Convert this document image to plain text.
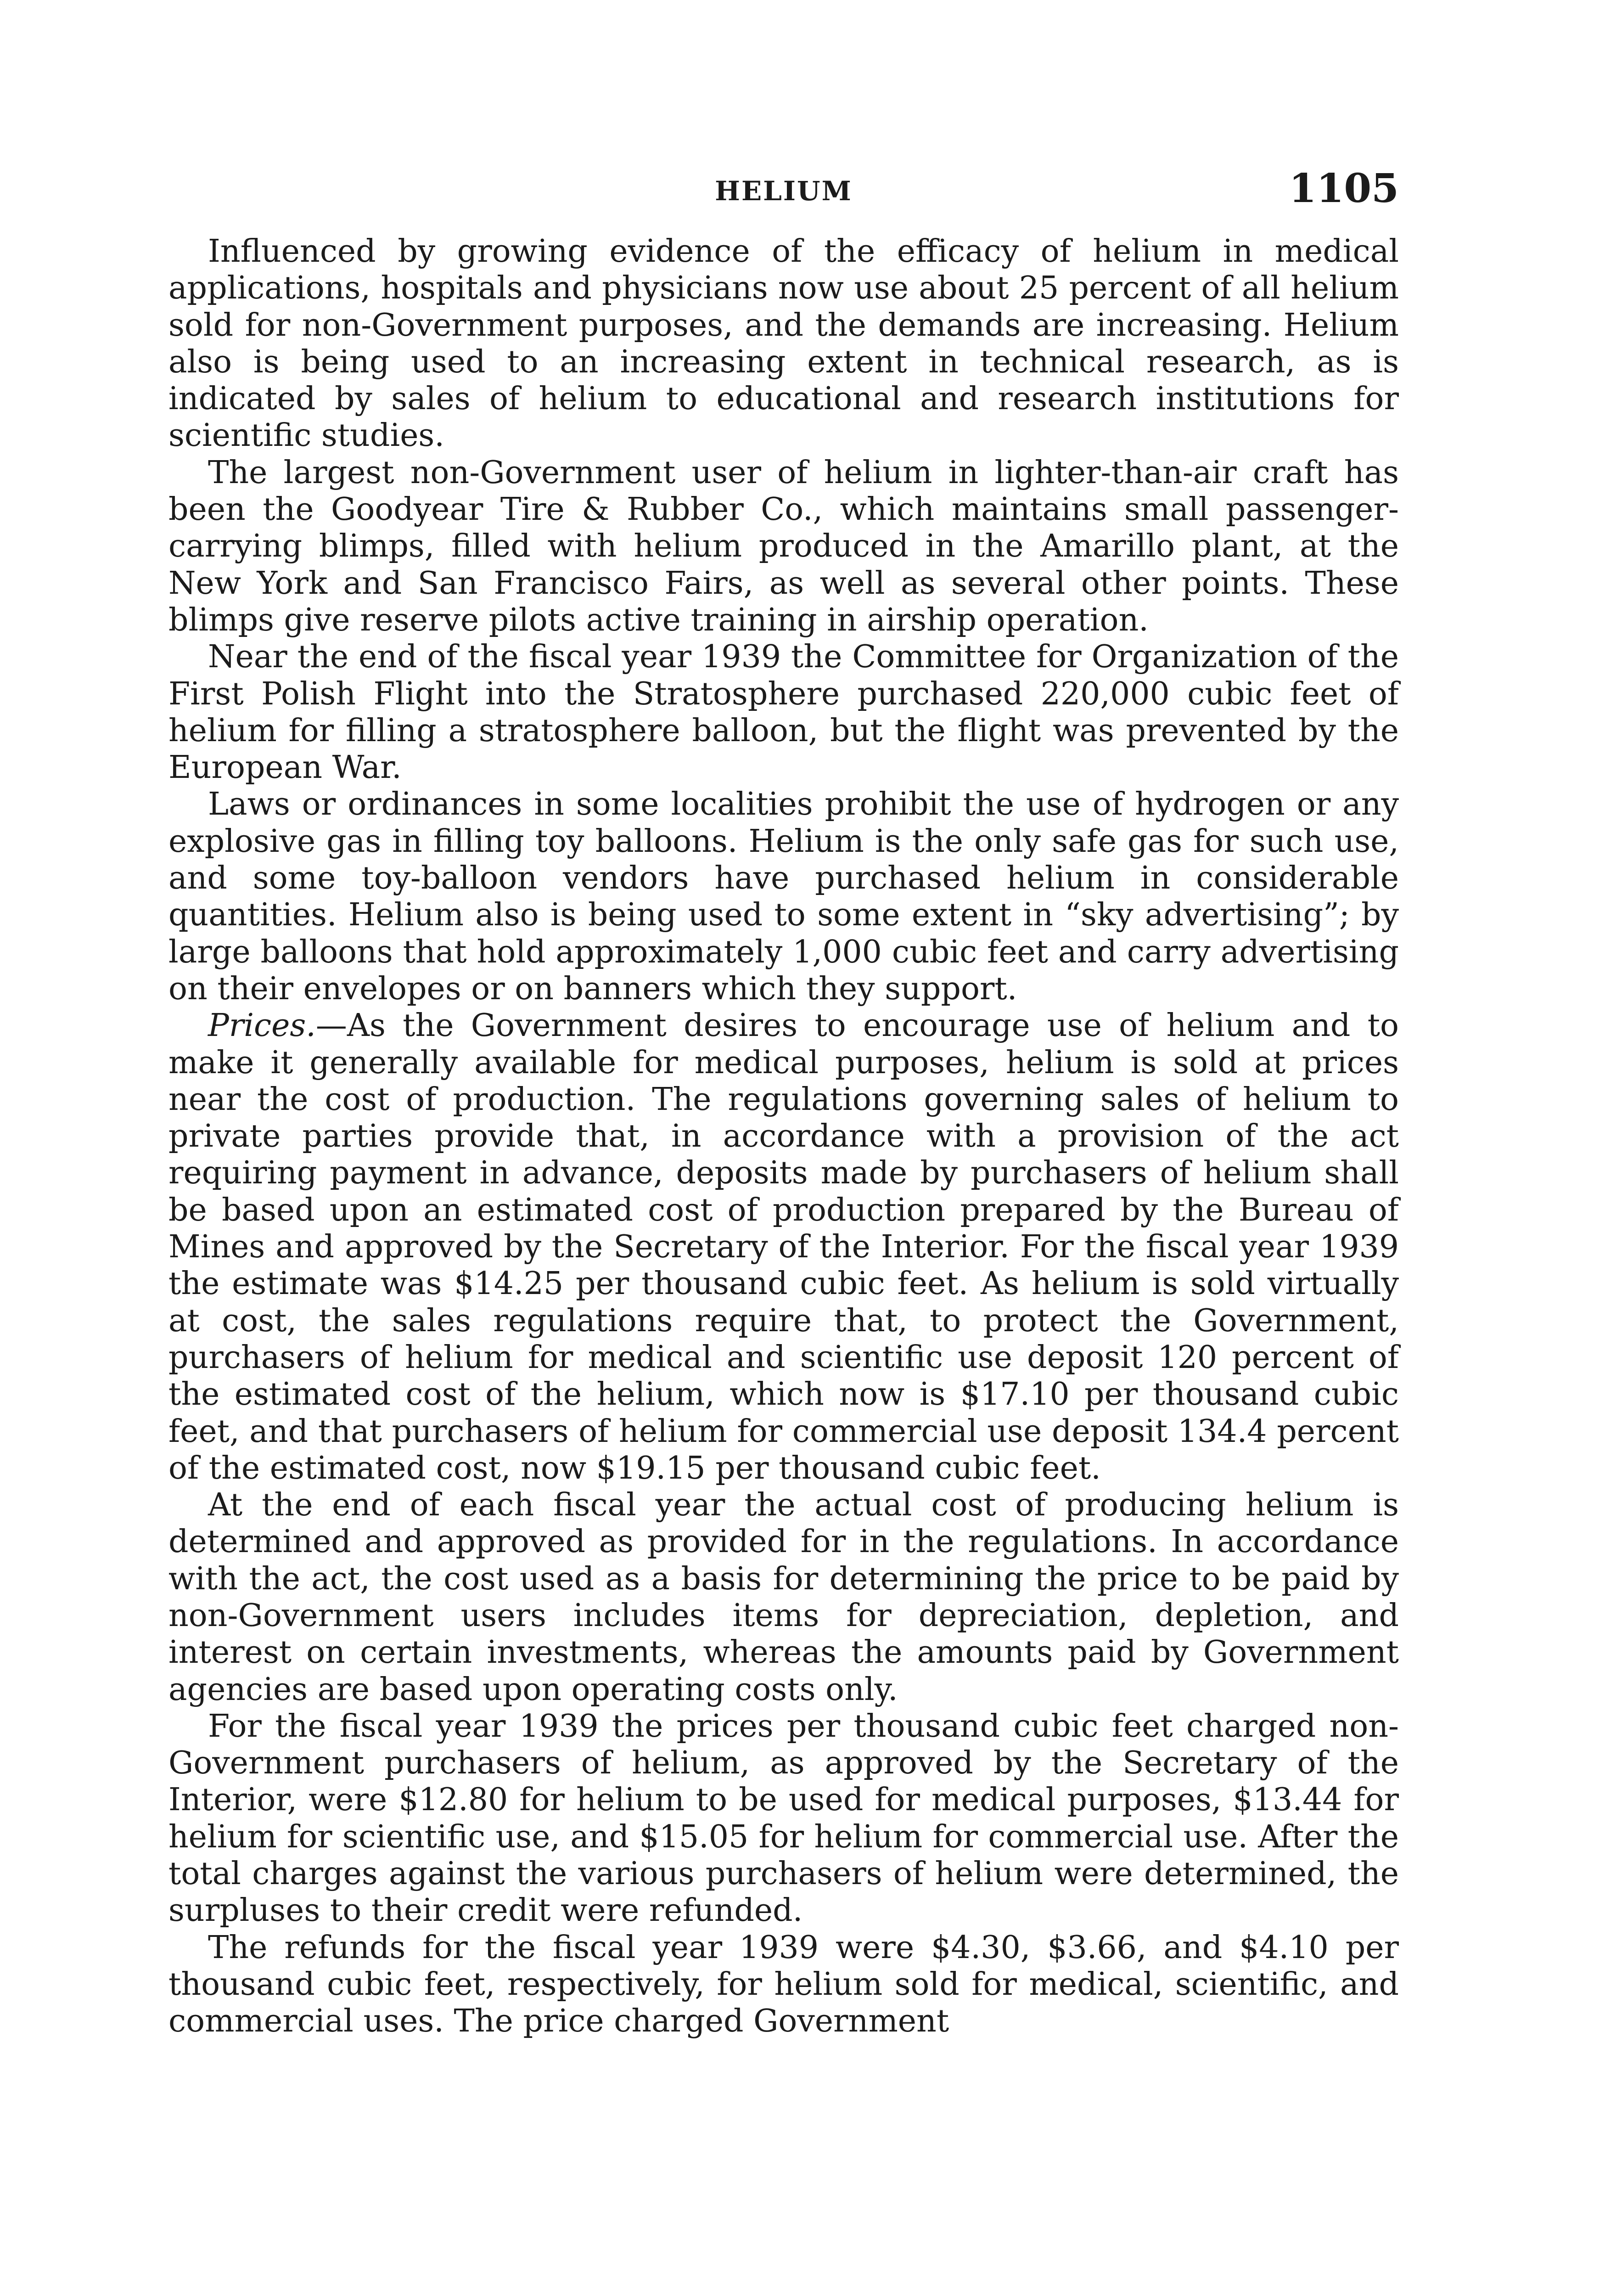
HELIUM	1105

Influenced by growing evidence of the efficacy of helium in medical applications, hospitals and physicians now use about 25 percent of all helium sold for non-Government purposes, and the demands are increasing. Helium also is being used to an increasing extent in technical research, as is indicated by sales of helium to educational and research institutions for scientific studies.

The largest non-Government user of helium in lighter-than-air craft has been the Goodyear Tire & Rubber Co., which maintains small passenger-carrying blimps, filled with helium produced in the Amarillo plant, at the New York and San Francisco Fairs, as well as several other points. These blimps give reserve pilots active training in airship operation.

Near the end of the fiscal year 1939 the Committee for Organization of the First Polish Flight into the Stratosphere purchased 220,000 cubic feet of helium for filling a stratosphere balloon, but the flight was prevented by the European War.

Laws or ordinances in some localities prohibit the use of hydrogen or any explosive gas in filling toy balloons. Helium is the only safe gas for such use, and some toy-balloon vendors have purchased helium in considerable quantities. Helium also is being used to some extent in “sky advertising”; by large balloons that hold approximately 1,000 cubic feet and carry advertising on their envelopes or on banners which they support.

Prices.—As the Government desires to encourage use of helium and to make it generally available for medical purposes, helium is sold at prices near the cost of production. The regulations governing sales of helium to private parties provide that, in accordance with a provision of the act requiring payment in advance, deposits made by purchasers of helium shall be based upon an estimated cost of production prepared by the Bureau of Mines and approved by the Secretary of the Interior. For the fiscal year 1939 the estimate was $14.25 per thousand cubic feet. As helium is sold virtually at cost, the sales regulations require that, to protect the Government, purchasers of helium for medical and scientific use deposit 120 percent of the estimated cost of the helium, which now is $17.10 per thousand cubic feet, and that purchasers of helium for commercial use deposit 134.4 percent of the estimated cost, now $19.15 per thousand cubic feet.

At the end of each fiscal year the actual cost of producing helium is determined and approved as provided for in the regulations. In accordance with the act, the cost used as a basis for determining the price to be paid by non-Government users includes items for depreciation, depletion, and interest on certain investments, whereas the amounts paid by Government agencies are based upon operating costs only.

For the fiscal year 1939 the prices per thousand cubic feet charged non-Government purchasers of helium, as approved by the Secretary of the Interior, were $12.80 for helium to be used for medical purposes, $13.44 for helium for scientific use, and $15.05 for helium for commercial use. After the total charges against the various purchasers of helium were determined, the surpluses to their credit were refunded.

The refunds for the fiscal year 1939 were $4.30, $3.66, and $4.10 per thousand cubic feet, respectively, for helium sold for medical, scientific, and commercial uses. The price charged Government
